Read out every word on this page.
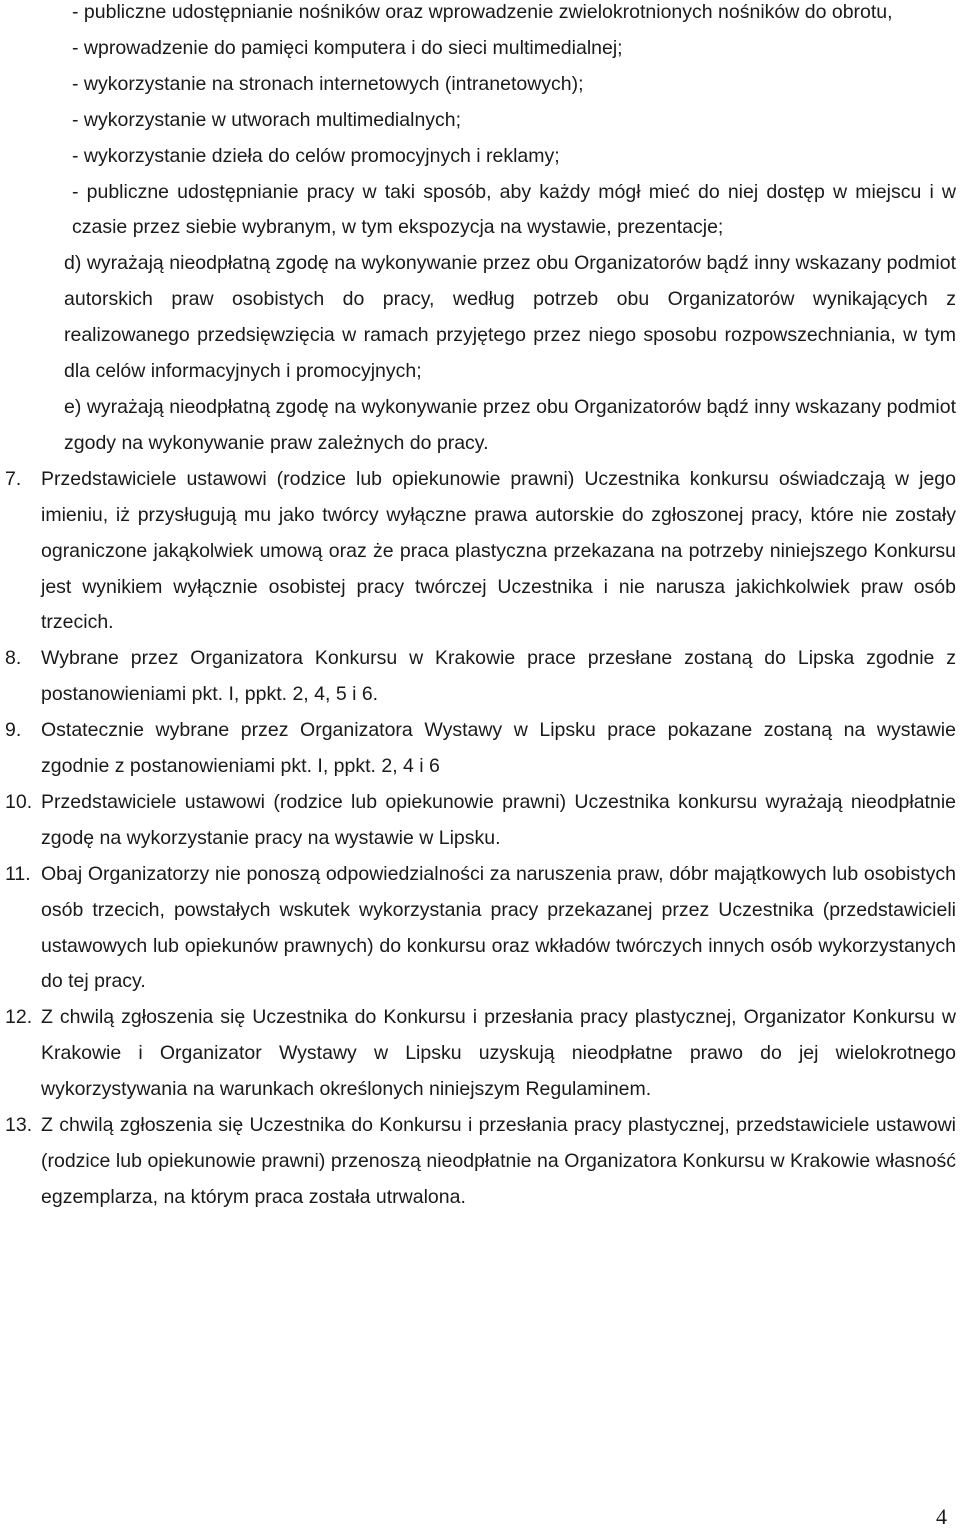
- publiczne udostępnianie nośników oraz wprowadzenie zwielokrotnionych nośników do obrotu,
- wprowadzenie do pamięci komputera i do sieci multimedialnej;
- wykorzystanie na stronach internetowych (intranetowych);
- wykorzystanie w utworach multimedialnych;
- wykorzystanie dzieła do celów promocyjnych i reklamy;
- publiczne udostępnianie pracy w taki sposób, aby każdy mógł mieć do niej dostęp w miejscu i w czasie przez siebie wybranym, w tym ekspozycja na wystawie, prezentacje;
d) wyrażają nieodpłatną zgodę na wykonywanie przez obu Organizatorów bądź inny wskazany podmiot autorskich praw osobistych do pracy, według potrzeb obu Organizatorów wynikających z realizowanego przedsięwzięcia w ramach przyjętego przez niego sposobu rozpowszechniania, w tym dla celów informacyjnych i promocyjnych;
e) wyrażają nieodpłatną zgodę na wykonywanie przez obu Organizatorów bądź inny wskazany podmiot zgody na wykonywanie praw zależnych do pracy.
7. Przedstawiciele ustawowi (rodzice lub opiekunowie prawni) Uczestnika konkursu oświadczają w jego imieniu, iż przysługują mu jako twórcy wyłączne prawa autorskie do zgłoszonej pracy, które nie zostały ograniczone jakąkolwiek umową oraz że praca plastyczna przekazana na potrzeby niniejszego Konkursu jest wynikiem wyłącznie osobistej pracy twórczej Uczestnika i nie narusza jakichkolwiek praw osób trzecich.
8. Wybrane przez Organizatora Konkursu w Krakowie prace przesłane zostaną do Lipska zgodnie z postanowieniami pkt. I, ppkt. 2, 4, 5 i 6.
9. Ostatecznie wybrane przez Organizatora Wystawy w Lipsku prace pokazane zostaną na wystawie zgodnie z postanowieniami pkt. I, ppkt. 2, 4 i 6
10. Przedstawiciele ustawowi (rodzice lub opiekunowie prawni) Uczestnika konkursu wyrażają nieodpłatnie zgodę na wykorzystanie pracy na wystawie w Lipsku.
11. Obaj Organizatorzy nie ponoszą odpowiedzialności za naruszenia praw, dóbr majątkowych lub osobistych osób trzecich, powstałych wskutek wykorzystania pracy przekazanej przez Uczestnika (przedstawicieli ustawowych lub opiekunów prawnych) do konkursu oraz wkładów twórczych innych osób wykorzystanych do tej pracy.
12. Z chwilą zgłoszenia się Uczestnika do Konkursu i przesłania pracy plastycznej, Organizator Konkursu w Krakowie i Organizator Wystawy w Lipsku uzyskują nieodpłatne prawo do jej wielokrotnego wykorzystywania na warunkach określonych niniejszym Regulaminem.
13. Z chwilą zgłoszenia się Uczestnika do Konkursu i przesłania pracy plastycznej, przedstawiciele ustawowi (rodzice lub opiekunowie prawni) przenoszą nieodpłatnie na Organizatora Konkursu w Krakowie własność egzemplarza, na którym praca została utrwalona.
4
